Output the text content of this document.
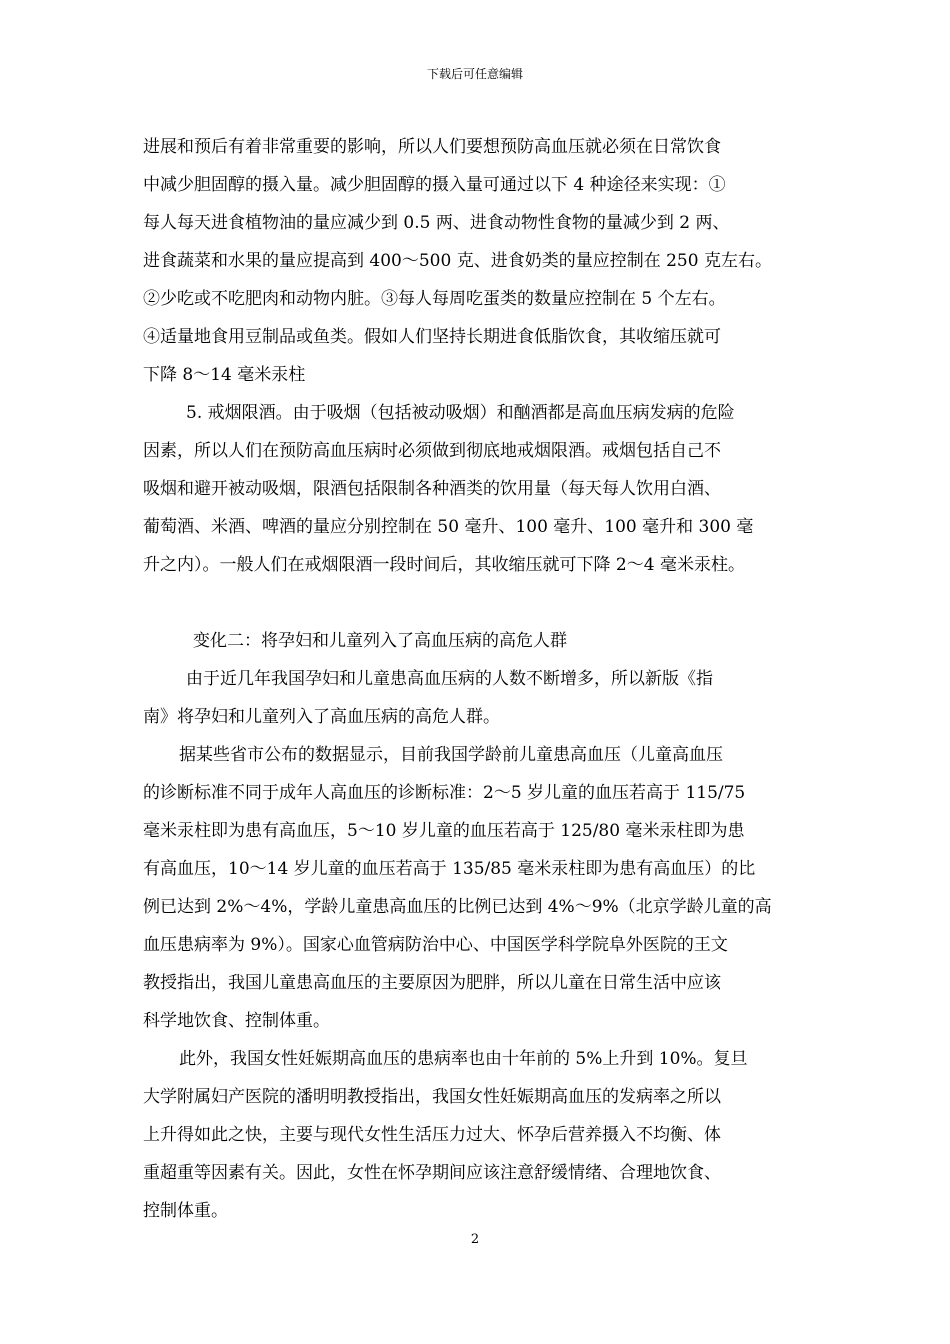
下载后可任意编辑
进展和预后有着非常重要的影响，所以人们要想预防高血压就必须在日常饮食
中减少胆固醇的摄入量。减少胆固醇的摄入量可通过以下 4 种途径来实现：①
每人每天进食植物油的量应减少到 0.5 两、进食动物性食物的量减少到 2 两、
进食蔬菜和水果的量应提高到 400～500 克、进食奶类的量应控制在 250 克左右。
②少吃或不吃肥肉和动物内脏。③每人每周吃蛋类的数量应控制在 5 个左右。
④适量地食用豆制品或鱼类。假如人们坚持长期进食低脂饮食，其收缩压就可
下降 8～14 毫米汞柱
5. 戒烟限酒。由于吸烟（包括被动吸烟）和酗酒都是高血压病发病的危险
因素，所以人们在预防高血压病时必须做到彻底地戒烟限酒。戒烟包括自己不
吸烟和避开被动吸烟，限酒包括限制各种酒类的饮用量（每天每人饮用白酒、
葡萄酒、米酒、啤酒的量应分别控制在 50 毫升、100 毫升、100 毫升和 300 毫
升之内）。一般人们在戒烟限酒一段时间后，其收缩压就可下降 2～4 毫米汞柱。
变化二：将孕妇和儿童列入了高血压病的高危人群
由于近几年我国孕妇和儿童患高血压病的人数不断增多，所以新版《指
南》将孕妇和儿童列入了高血压病的高危人群。
据某些省市公布的数据显示，目前我国学龄前儿童患高血压（儿童高血压
的诊断标准不同于成年人高血压的诊断标准：2～5 岁儿童的血压若高于 115/75
毫米汞柱即为患有高血压，5～10 岁儿童的血压若高于 125/80 毫米汞柱即为患
有高血压，10～14 岁儿童的血压若高于 135/85 毫米汞柱即为患有高血压）的比
例已达到 2%～4%，学龄儿童患高血压的比例已达到 4%～9%（北京学龄儿童的高
血压患病率为 9%）。国家心血管病防治中心、中国医学科学院阜外医院的王文
教授指出，我国儿童患高血压的主要原因为肥胖，所以儿童在日常生活中应该
科学地饮食、控制体重。
此外，我国女性妊娠期高血压的患病率也由十年前的 5%上升到 10%。复旦
大学附属妇产医院的潘明明教授指出，我国女性妊娠期高血压的发病率之所以
上升得如此之快，主要与现代女性生活压力过大、怀孕后营养摄入不均衡、体
重超重等因素有关。因此，女性在怀孕期间应该注意舒缓情绪、合理地饮食、
控制体重。
2
